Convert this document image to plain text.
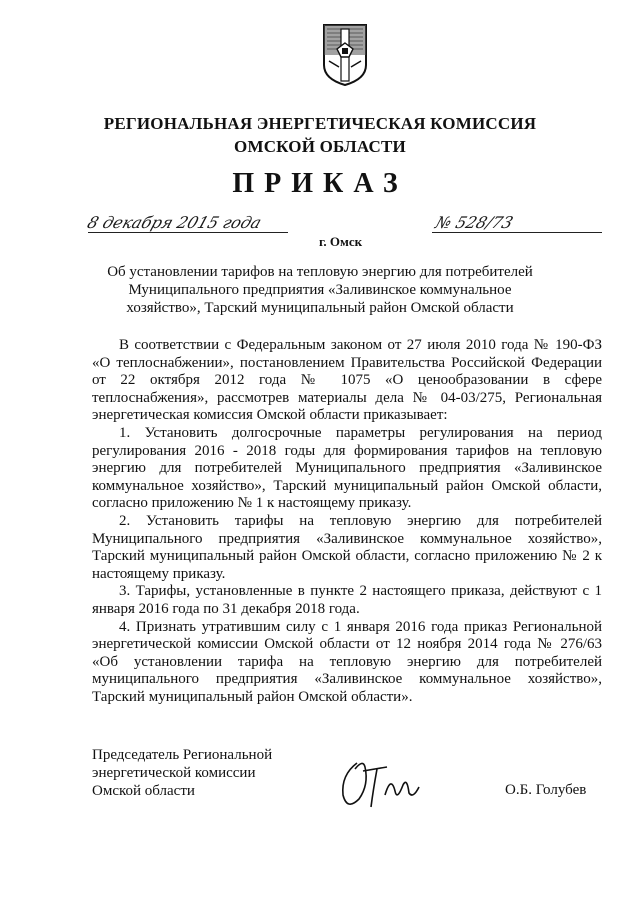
РЕГИОНАЛЬНАЯ ЭНЕРГЕТИЧЕСКАЯ КОМИССИЯ
ОМСКОЙ ОБЛАСТИ
ПРИКАЗ
8 декабря 2015 года	№ 528/73
г. Омск
Об установлении тарифов на тепловую энергию для потребителей Муниципального предприятия «Заливинское коммунальное хозяйство», Тарский муниципальный район Омской области

В соответствии с Федеральным законом от 27 июля 2010 года № 190-ФЗ «О теплоснабжении», постановлением Правительства Российской Федерации от 22 октября 2012 года № 1075 «О ценообразовании в сфере теплоснабжения», рассмотрев материалы дела № 04-03/275, Региональная энергетическая комиссия Омской области приказывает:

1. Установить долгосрочные параметры регулирования на период регулирования 2016 - 2018 годы для формирования тарифов на тепловую энергию для потребителей Муниципального предприятия «Заливинское коммунальное хозяйство», Тарский муниципальный район Омской области, согласно приложению № 1 к настоящему приказу.

2. Установить тарифы на тепловую энергию для потребителей Муниципального предприятия «Заливинское коммунальное хозяйство», Тарский муниципальный район Омской области, согласно приложению № 2 к настоящему приказу.

3. Тарифы, установленные в пункте 2 настоящего приказа, действуют с 1 января 2016 года по 31 декабря 2018 года.

4. Признать утратившим силу с 1 января 2016 года приказ Региональной энергетической комиссии Омской области от 12 ноября 2014 года № 276/63 «Об установлении тарифа на тепловую энергию для потребителей муниципального предприятия «Заливинское коммунальное хозяйство», Тарский муниципальный район Омской области».

Председатель Региональной
энергетической комиссии
Омской области	О.Б. Голубев
